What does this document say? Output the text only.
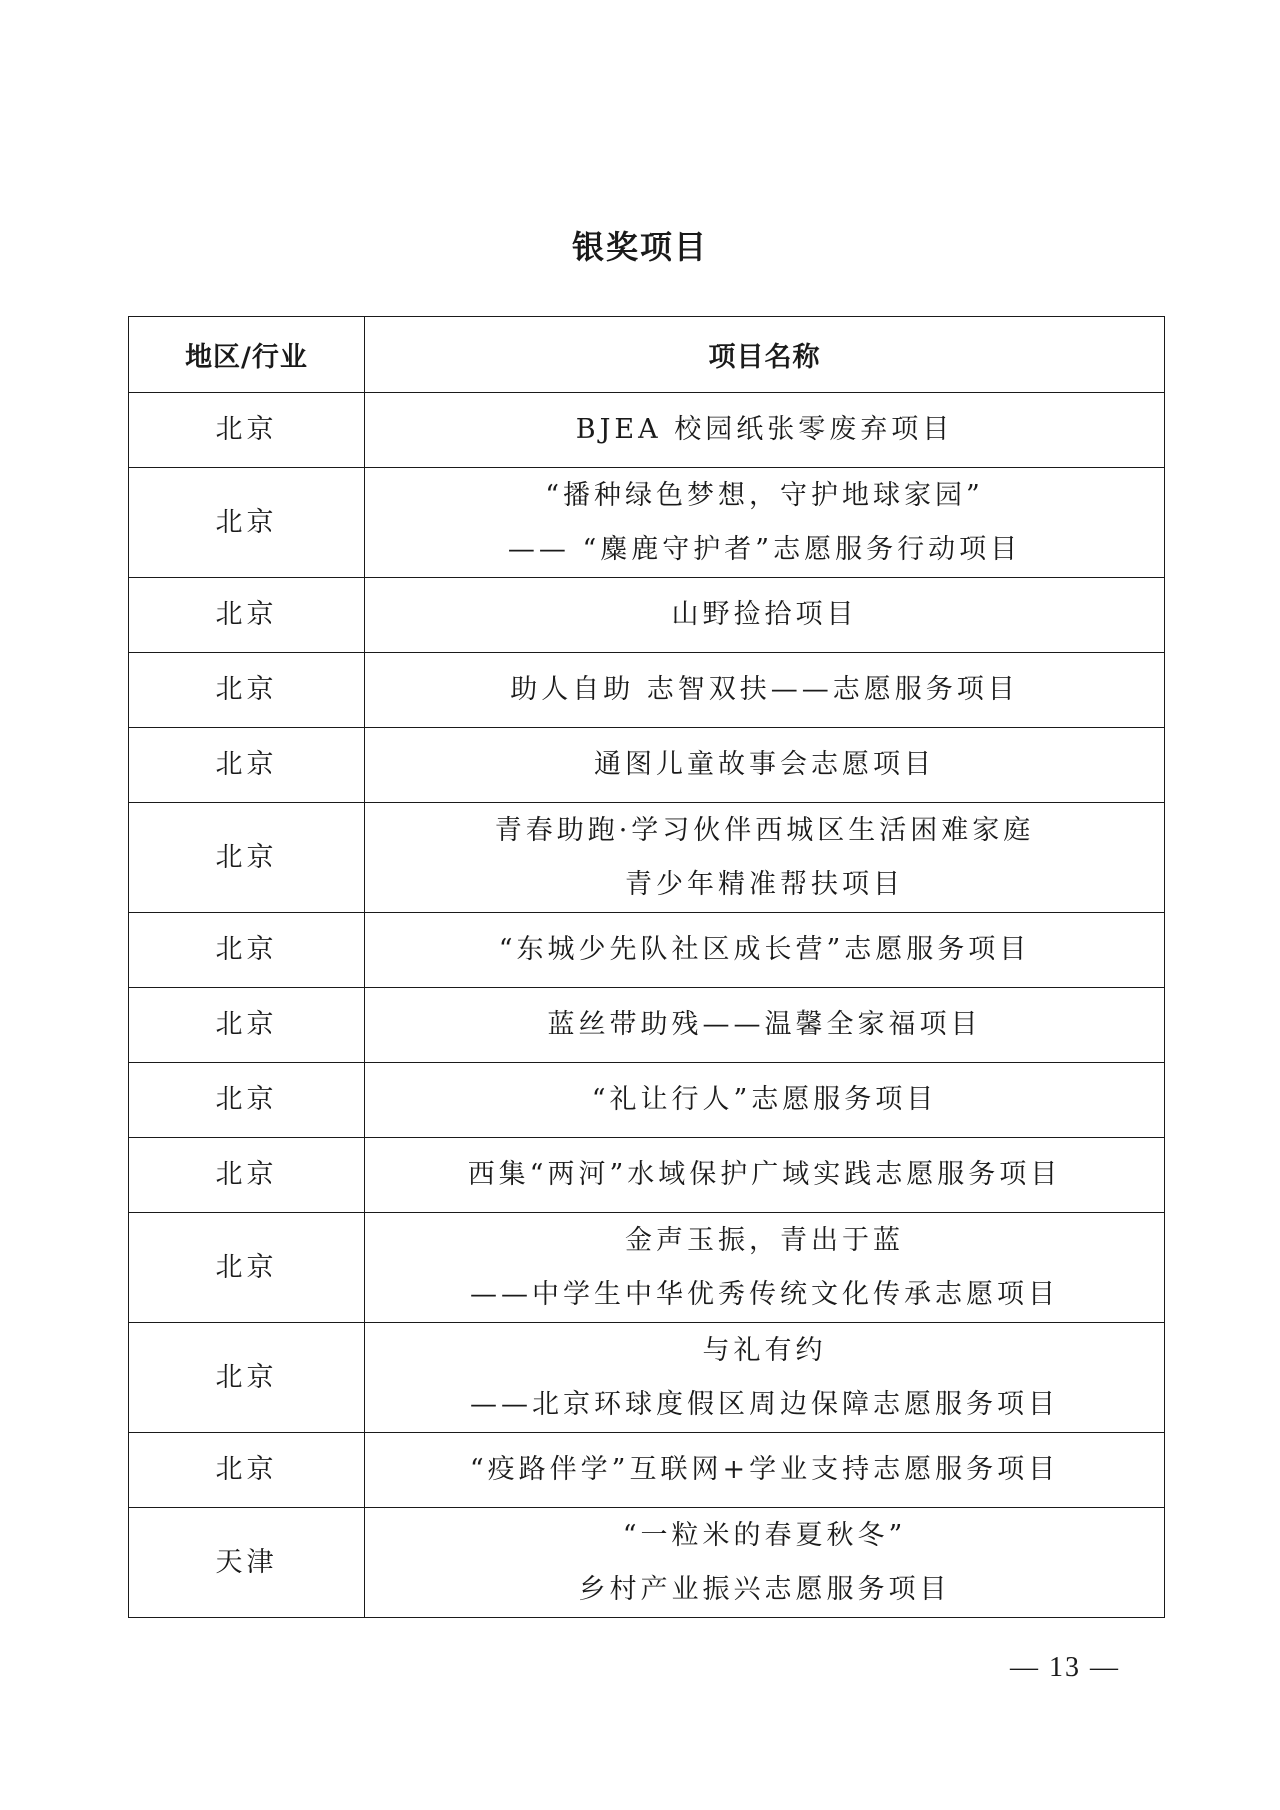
银奖项目
地区/行业	项目名称
北京	BJEA 校园纸张零废弃项目

北京	“播种绿色梦想，守护地球家园”
—— “麋鹿守护者”志愿服务行动项目

北京	山野捡拾项目

北京	助人自助 志智双扶——志愿服务项目

北京	通图儿童故事会志愿项目

北京	青春助跑·学习伙伴西城区生活困难家庭
青少年精准帮扶项目

北京	“东城少先队社区成长营”志愿服务项目

北京	蓝丝带助残——温馨全家福项目

北京	“礼让行人”志愿服务项目

北京	西集“两河”水域保护广域实践志愿服务项目

北京	金声玉振，青出于蓝
——中学生中华优秀传统文化传承志愿项目

北京	与礼有约
——北京环球度假区周边保障志愿服务项目

北京	“疫路伴学”互联网+学业支持志愿服务项目

天津	“一粒米的春夏秋冬”
乡村产业振兴志愿服务项目
— 13 —
